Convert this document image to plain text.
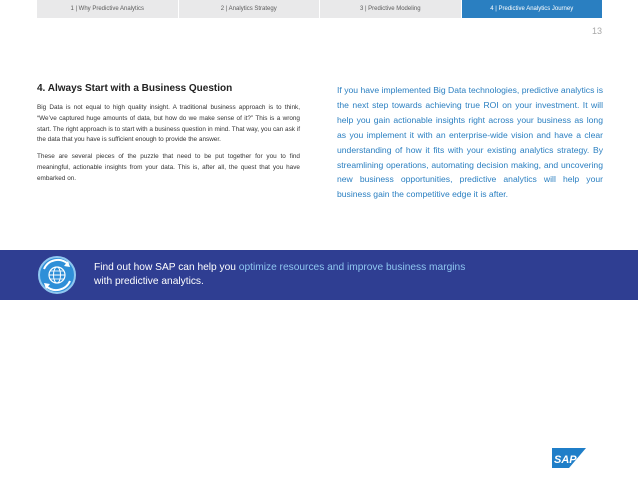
1 | Why Predictive Analytics	2 | Analytics Strategy	3 | Predictive Modeling	4 | Predictive Analytics Journey
13
4. Always Start with a Business Question

Big Data is not equal to high quality insight. A traditional business approach is to think, “We’ve captured huge amounts of data, but how do we make sense of it?” This is a wrong start. The right approach is to start with a business question in mind. That way, you can ask if the data that you have is sufficient enough to provide the answer.

These are several pieces of the puzzle that need to be put together for you to find meaningful, actionable insights from your data. This is, after all, the quest that you have embarked on.

If you have implemented Big Data technologies, predictive analytics is the next step towards achieving true ROI on your investment. It will help you gain actionable insights right across your business as long as you implement it with an enterprise-wide vision and have a clear understanding of how it fits with your existing analytics strategy. By streamlining operations, automating decision making, and uncovering new business opportunities, predictive analytics will help your business gain the competitive edge it is after.
Find out how SAP can help you optimize resources and improve business margins
with predictive analytics.
SAP
